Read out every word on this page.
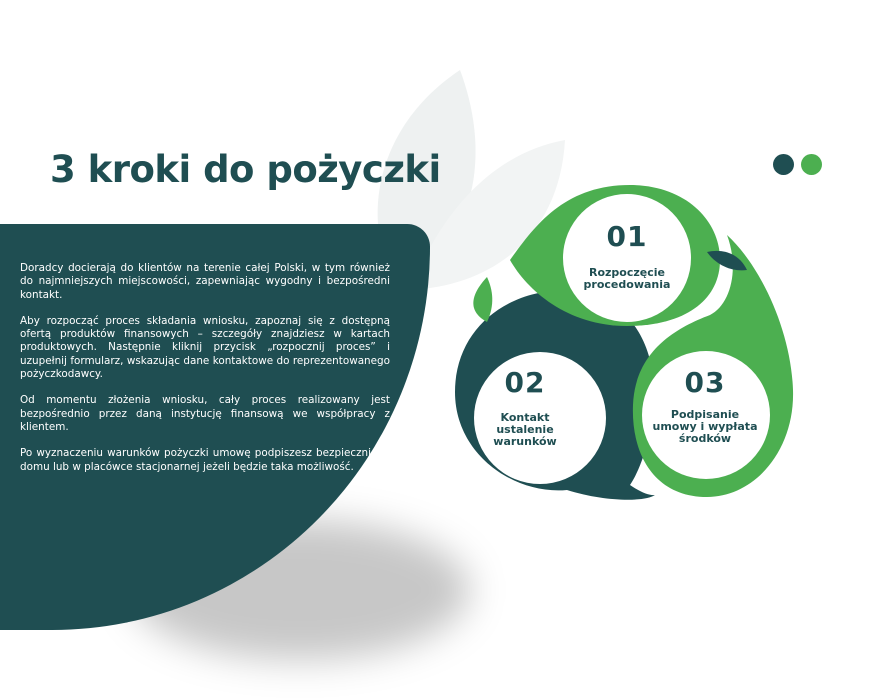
3 kroki do pożyczki

Doradcy docierają do klientów na terenie całej Polski, w tym również do najmniejszych miejscowości, zapewniając wygodny i bezpośredni kontakt.

Aby rozpocząć proces składania wniosku, zapoznaj się z dostępną ofertą produktów finansowych – szczegóły znajdziesz w kartach produktowych. Następnie kliknij przycisk „rozpocznij proces” i uzupełnij formularz, wskazując dane kontaktowe do reprezentowanego pożyczkodawcy.

Od momentu złożenia wniosku, cały proces realizowany jest bezpośrednio przez daną instytucję finansową we współpracy z klientem.

Po wyznaczeniu warunków pożyczki umowę podpiszesz bezpiecznie w domu lub w placówce stacjonarnej jeżeli będzie taka możliwość.

01
Rozpoczęcie
procedowania
02
Kontakt
ustalenie
warunków
03
Podpisanie
umowy i wypłata
środków
